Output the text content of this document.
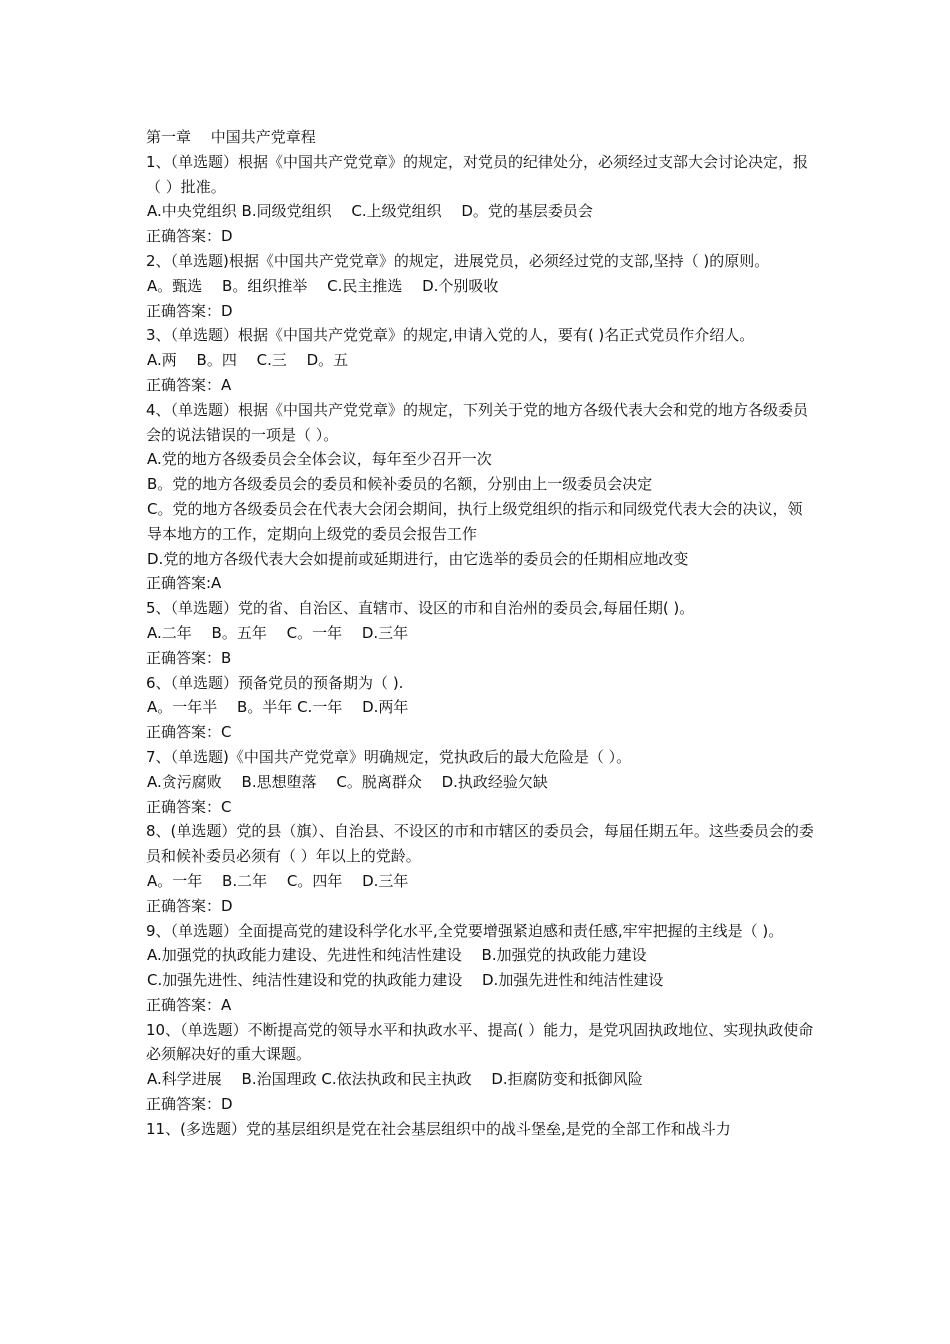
第一章　 中国共产党章程

1、（单选题）根据《中国共产党党章》的规定，对党员的纪律处分，必须经过支部大会讨论决定，报（ ）批准。

A.中央党组织 B.同级党组织　 C.上级党组织　 D。党的基层委员会

正确答案：D

2、（单选题)根据《中国共产党党章》的规定，进展党员，必须经过党的支部,坚持（ )的原则。

A。甄选　 B。组织推举　 C.民主推选　 D.个别吸收

正确答案：D

3、（单选题）根据《中国共产党党章》的规定,申请入党的人，要有( )名正式党员作介绍人。

A.两　 B。四　 C.三　 D。五

正确答案：A

4、（单选题）根据《中国共产党党章》的规定，下列关于党的地方各级代表大会和党的地方各级委员会的说法错误的一项是（ ）。

A.党的地方各级委员会全体会议，每年至少召开一次

B。党的地方各级委员会的委员和候补委员的名额，分别由上一级委员会决定

C。党的地方各级委员会在代表大会闭会期间，执行上级党组织的指示和同级党代表大会的决议，领导本地方的工作，定期向上级党的委员会报告工作

D.党的地方各级代表大会如提前或延期进行，由它选举的委员会的任期相应地改变

正确答案:A

5、（单选题）党的省、自治区、直辖市、设区的市和自治州的委员会,每届任期( )。

A.二年　 B。五年　 C。一年　 D.三年

正确答案：B

6、（单选题）预备党员的预备期为（ ).

A。一年半　 B。半年 C.一年　 D.两年

正确答案：C

7、（单选题)《中国共产党党章》明确规定，党执政后的最大危险是（ ）。

A.贪污腐败　 B.思想堕落　 C。脱离群众　 D.执政经验欠缺

正确答案：C

8、(单选题）党的县（旗）、自治县、不设区的市和市辖区的委员会，每届任期五年。这些委员会的委员和候补委员必须有（ ）年以上的党龄。

A。一年　 B.二年　 C。四年　 D.三年

正确答案：D

9、（单选题）全面提高党的建设科学化水平,全党要增强紧迫感和责任感,牢牢把握的主线是（ )。

A.加强党的执政能力建设、先进性和纯洁性建设　 B.加强党的执政能力建设

C.加强先进性、纯洁性建设和党的执政能力建设　 D.加强先进性和纯洁性建设

正确答案：A

10、（单选题）不断提高党的领导水平和执政水平、提高( ）能力，是党巩固执政地位、实现执政使命必须解决好的重大课题。

A.科学进展　 B.治国理政 C.依法执政和民主执政　 D.拒腐防变和抵御风险

正确答案：D

11、(多选题）党的基层组织是党在社会基层组织中的战斗堡垒,是党的全部工作和战斗力
